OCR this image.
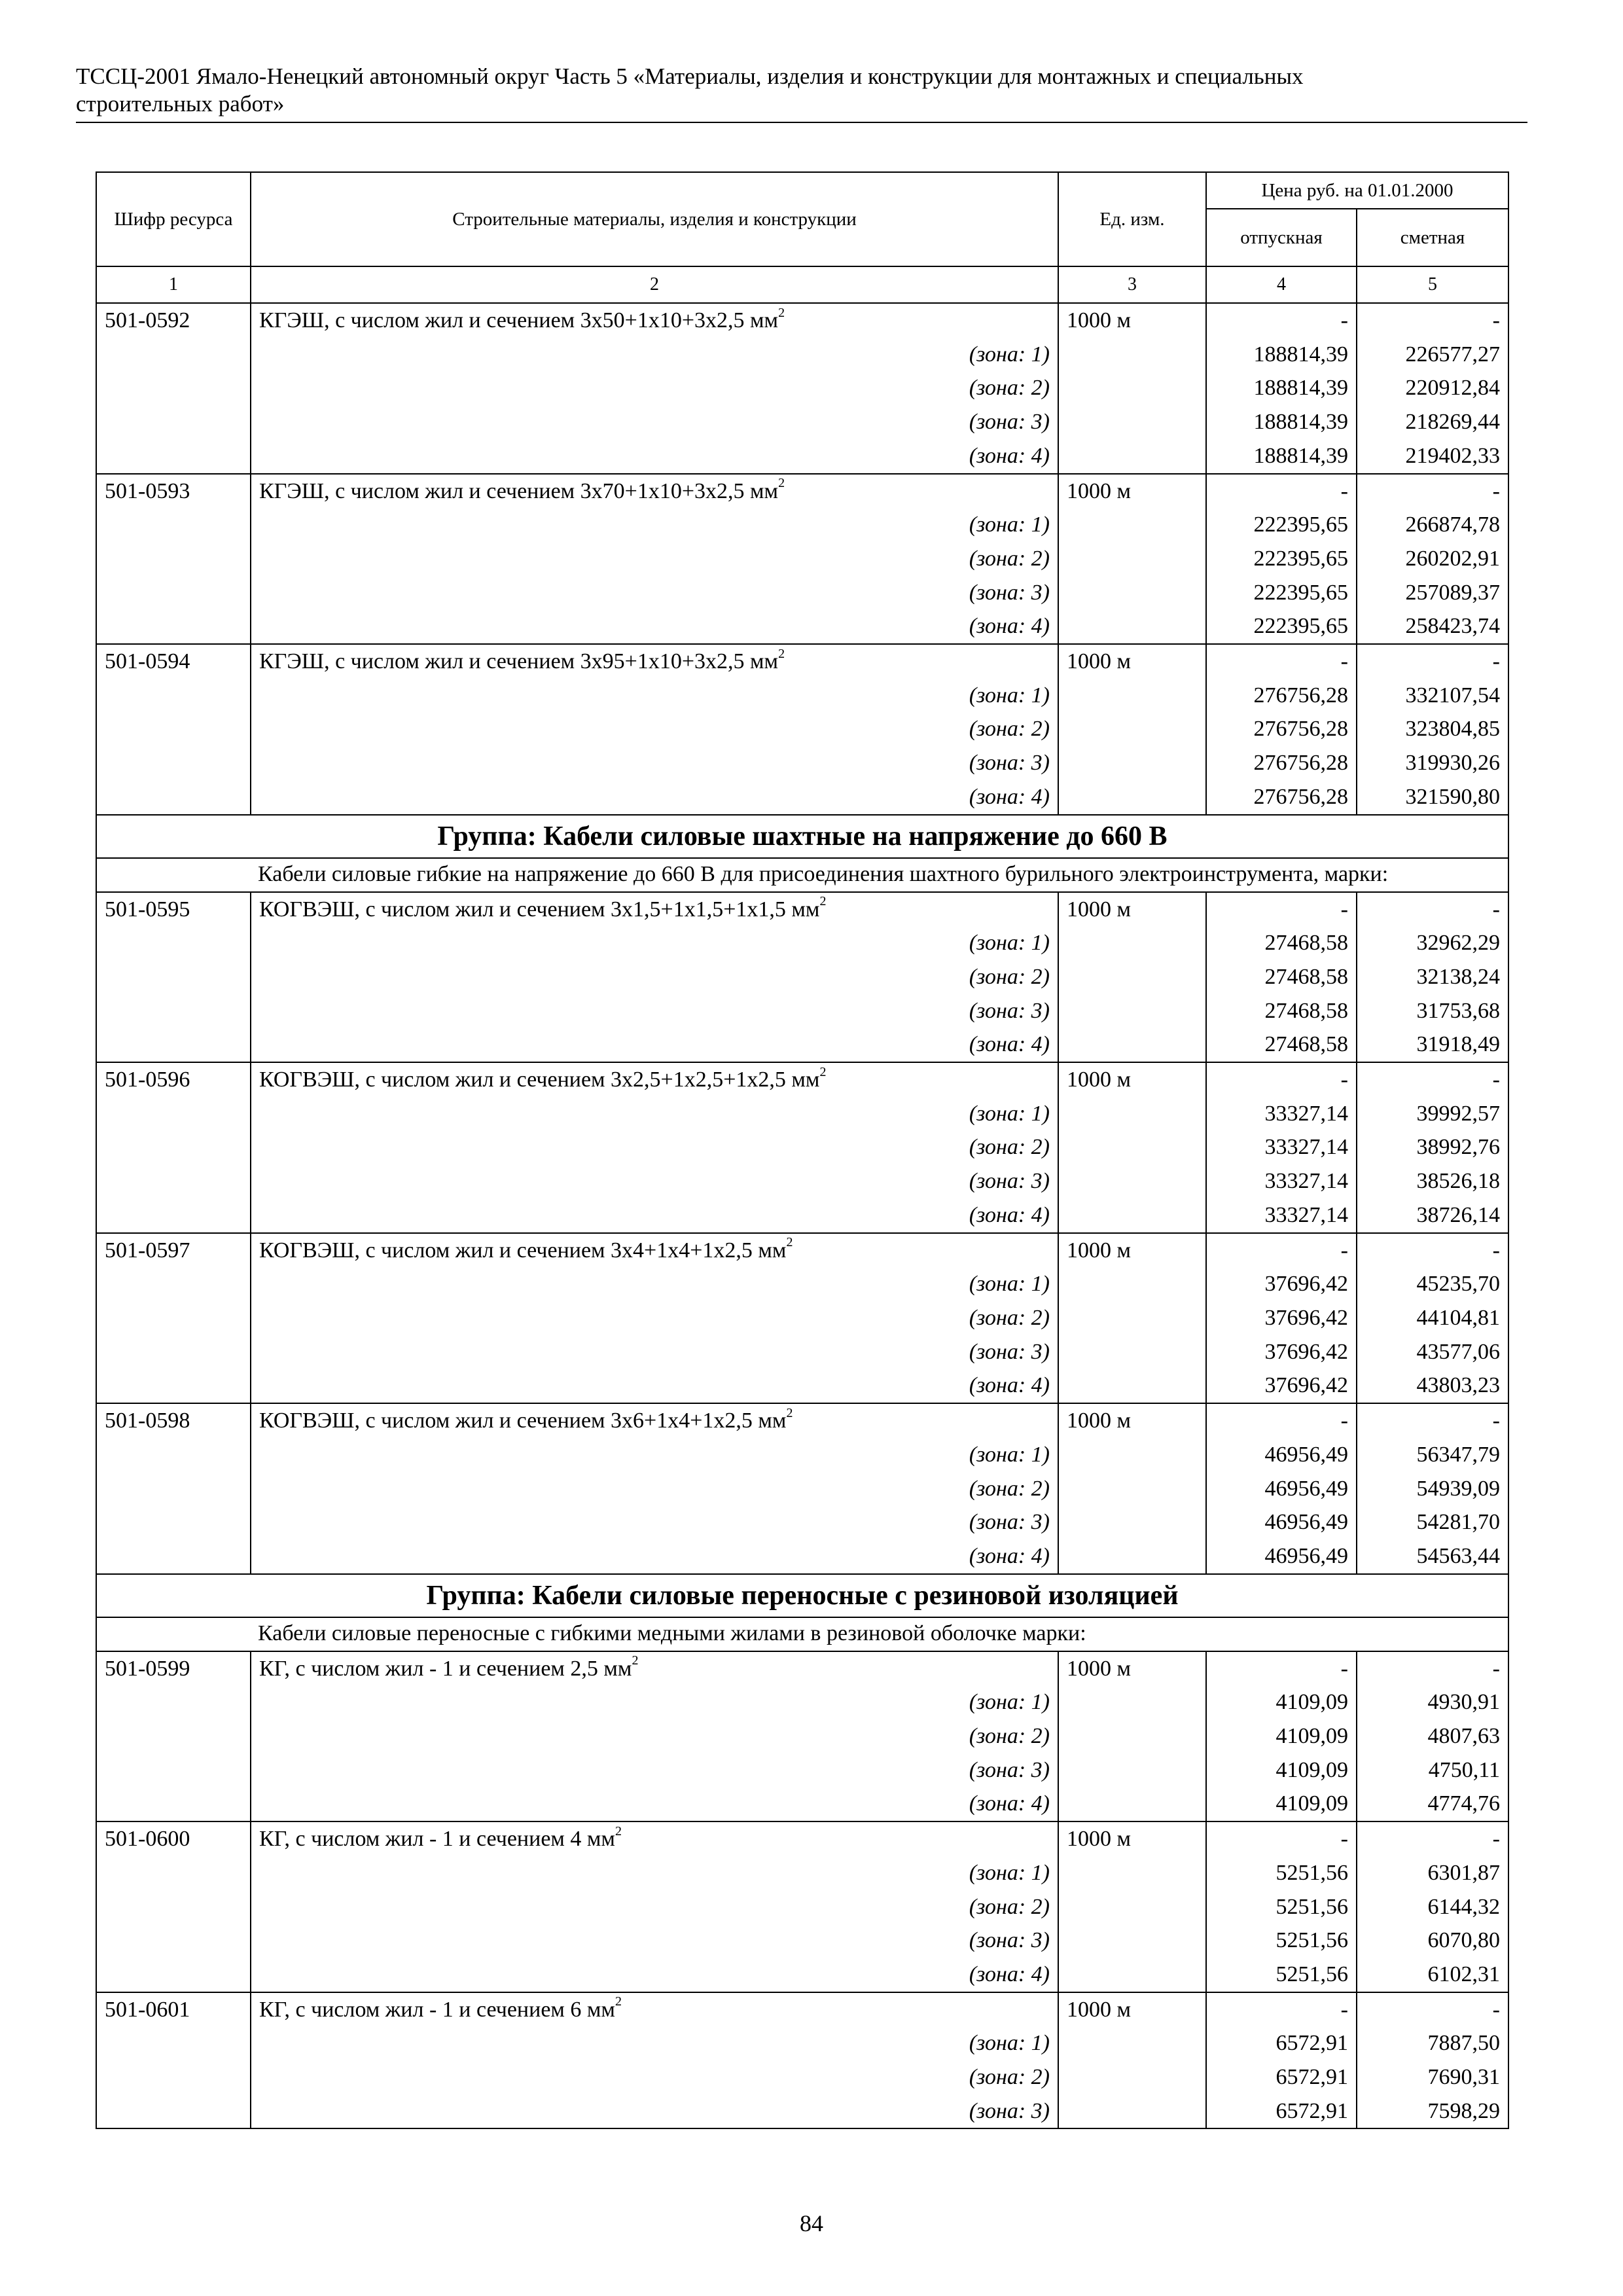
ТССЦ-2001 Ямало-Ненецкий автономный округ Часть 5 «Материалы, изделия и конструкции для монтажных и специальных
строительных работ»
Шифр ресурса	Строительные материалы, изделия и конструкции	Ед. изм.	Цена руб. на 01.01.2000	
			отпускная	сметная
1	2	3	4	5
501-0592	КГЭШ, с числом жил и сечением 3х50+1х10+3х2,5 $мм^2$	1000 м	-	-
	(зона: 1)		188814,39	226577,27
	(зона: 2)		188814,39	220912,84
	(зона: 3)		188814,39	218269,44
	(зона: 4)		188814,39	219402,33
501-0593	КГЭШ, с числом жил и сечением 3х70+1х10+3х2,5 $мм^2$	1000 м	-	-
	(зона: 1)		222395,65	266874,78
	(зона: 2)		222395,65	260202,91
	(зона: 3)		222395,65	257089,37
	(зона: 4)		222395,65	258423,74
501-0594	КГЭШ, с числом жил и сечением 3х95+1х10+3х2,5 $мм^2$	1000 м	-	-
	(зона: 1)		276756,28	332107,54
	(зона: 2)		276756,28	323804,85
	(зона: 3)		276756,28	319930,26
	(зона: 4)		276756,28	321590,80
Группа: Кабели силовые шахтные на напряжение до 660 В				
Кабели силовые гибкие на напряжение до 660 В для присоединения шахтного бурильного электроинструмента, марки:				
501-0595	КОГВЭШ, с числом жил и сечением 3х1,5+1х1,5+1х1,5 $мм^2$	1000 м	-	-
	(зона: 1)		27468,58	32962,29
	(зона: 2)		27468,58	32138,24
	(зона: 3)		27468,58	31753,68
	(зона: 4)		27468,58	31918,49
501-0596	КОГВЭШ, с числом жил и сечением 3х2,5+1х2,5+1х2,5 $мм^2$	1000 м	-	-
	(зона: 1)		33327,14	39992,57
	(зона: 2)		33327,14	38992,76
	(зона: 3)		33327,14	38526,18
	(зона: 4)		33327,14	38726,14
501-0597	КОГВЭШ, с числом жил и сечением 3х4+1х4+1х2,5 $мм^2$	1000 м	-	-
	(зона: 1)		37696,42	45235,70
	(зона: 2)		37696,42	44104,81
	(зона: 3)		37696,42	43577,06
	(зона: 4)		37696,42	43803,23
501-0598	КОГВЭШ, с числом жил и сечением 3х6+1х4+1х2,5 $мм^2$	1000 м	-	-
	(зона: 1)		46956,49	56347,79
	(зона: 2)		46956,49	54939,09
	(зона: 3)		46956,49	54281,70
	(зона: 4)		46956,49	54563,44
Группа: Кабели силовые переносные с резиновой изоляцией				
Кабели силовые переносные с гибкими медными жилами в резиновой оболочке марки:				
501-0599	КГ, с числом жил - 1 и сечением 2,5 $мм^2$	1000 м	-	-
	(зона: 1)		4109,09	4930,91
	(зона: 2)		4109,09	4807,63
	(зона: 3)		4109,09	4750,11
	(зона: 4)		4109,09	4774,76
501-0600	КГ, с числом жил - 1 и сечением 4 $мм^2$	1000 м	-	-
	(зона: 1)		5251,56	6301,87
	(зона: 2)		5251,56	6144,32
	(зона: 3)		5251,56	6070,80
	(зона: 4)		5251,56	6102,31
501-0601	КГ, с числом жил - 1 и сечением 6 $мм^2$	1000 м	-	-
	(зона: 1)		6572,91	7887,50
	(зона: 2)		6572,91	7690,31
	(зона: 3)		6572,91	7598,29
84
